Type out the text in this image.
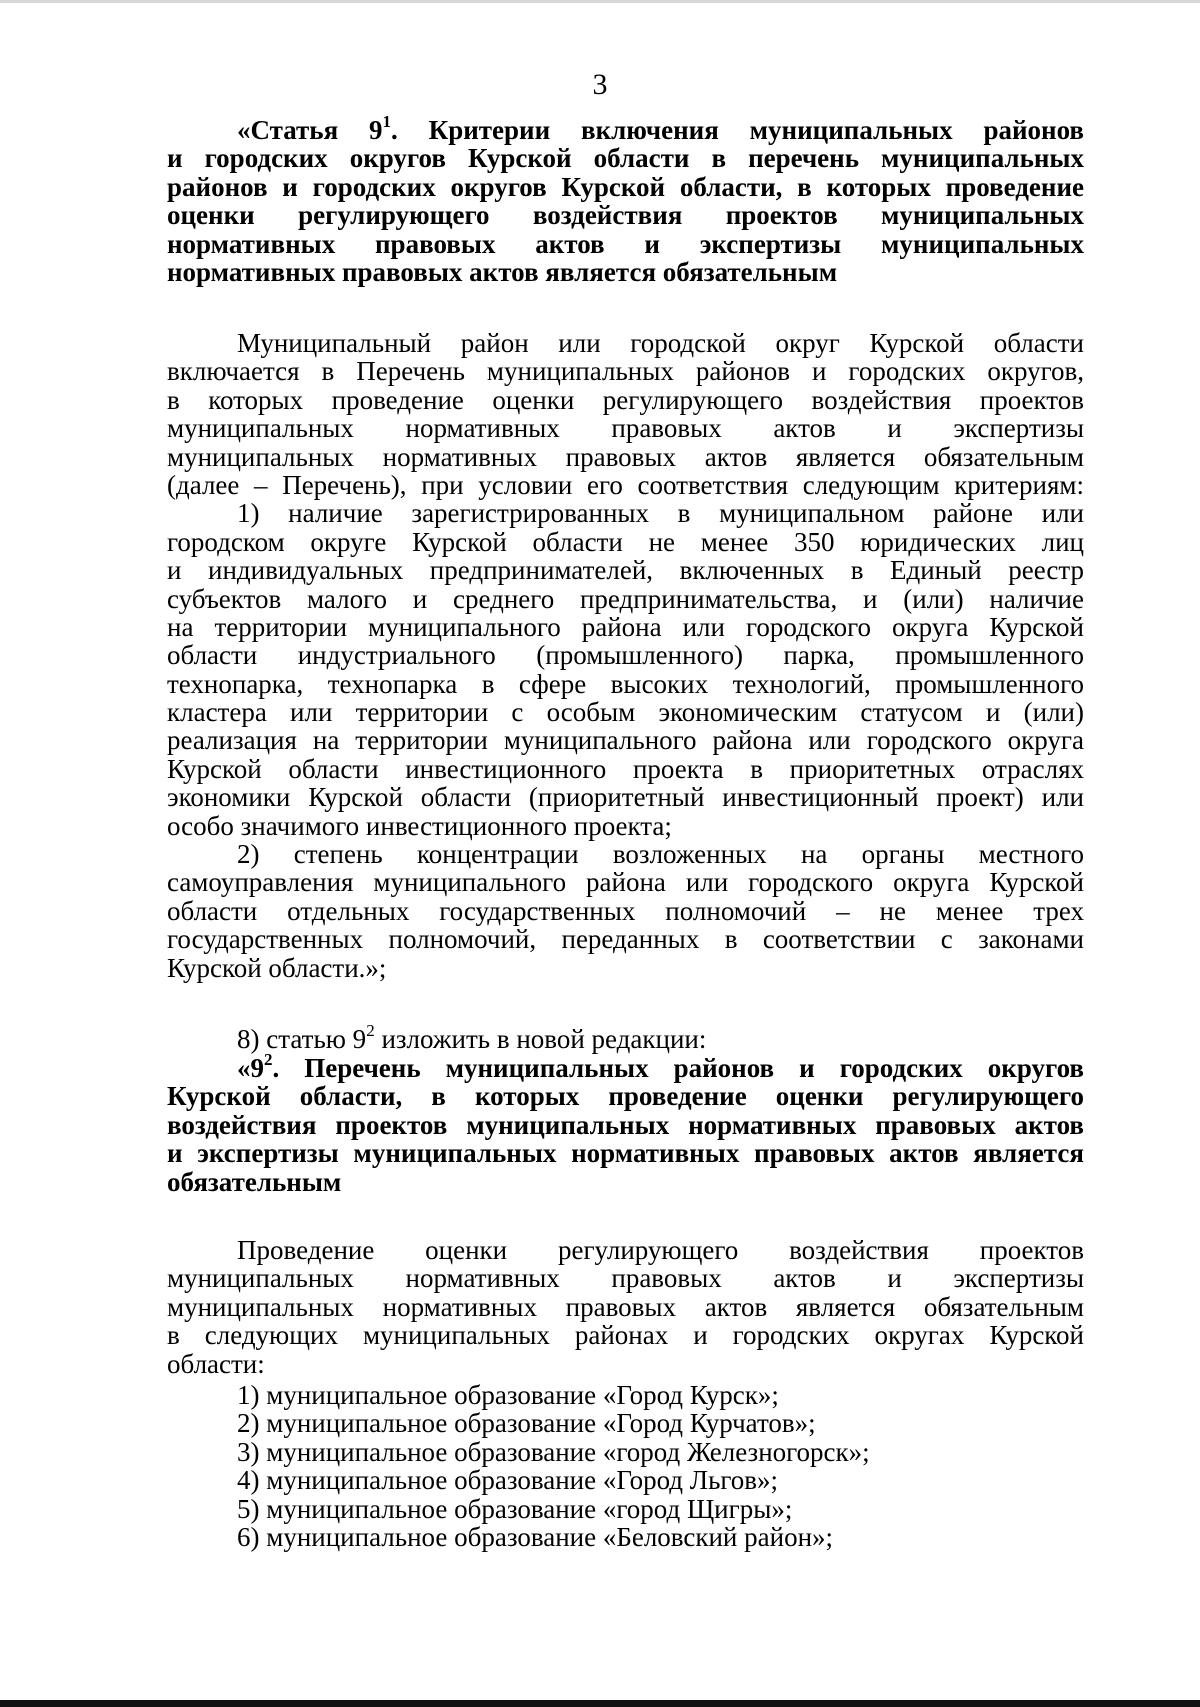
3
«Статья $9^1$. Критерии включения муниципальных районов
и городских округов Курской области в перечень муниципальных
районов и городских округов Курской области, в которых проведение
оценки регулирующего воздействия проектов муниципальных
нормативных правовых актов и экспертизы муниципальных
нормативных правовых актов является обязательным
Муниципальный район или городской округ Курской области
включается в Перечень муниципальных районов и городских округов,
в которых проведение оценки регулирующего воздействия проектов
муниципальных нормативных правовых актов и экспертизы
муниципальных нормативных правовых актов является обязательным
(далее – Перечень), при условии его соответствия следующим критериям:
1) наличие зарегистрированных в муниципальном районе или
городском округе Курской области не менее 350 юридических лиц
и индивидуальных предпринимателей, включенных в Единый реестр
субъектов малого и среднего предпринимательства, и (или) наличие
на территории муниципального района или городского округа Курской
области индустриального (промышленного) парка, промышленного
технопарка, технопарка в сфере высоких технологий, промышленного
кластера или территории с особым экономическим статусом и (или)
реализация на территории муниципального района или городского округа
Курской области инвестиционного проекта в приоритетных отраслях
экономики Курской области (приоритетный инвестиционный проект) или
особо значимого инвестиционного проекта;
2) степень концентрации возложенных на органы местного
самоуправления муниципального района или городского округа Курской
области отдельных государственных полномочий – не менее трех
государственных полномочий, переданных в соответствии с законами
Курской области.»;
8) статью $9^2$ изложить в новой редакции:
«$9^2$. Перечень муниципальных районов и городских округов
Курской области, в которых проведение оценки регулирующего
воздействия проектов муниципальных нормативных правовых актов
и экспертизы муниципальных нормативных правовых актов является
обязательным
Проведение оценки регулирующего воздействия проектов
муниципальных нормативных правовых актов и экспертизы
муниципальных нормативных правовых актов является обязательным
в следующих муниципальных районах и городских округах Курской
области:
1) муниципальное образование «Город Курск»;
2) муниципальное образование «Город Курчатов»;
3) муниципальное образование «город Железногорск»;
4) муниципальное образование «Город Льгов»;
5) муниципальное образование «город Щигры»;
6) муниципальное образование «Беловский район»;
